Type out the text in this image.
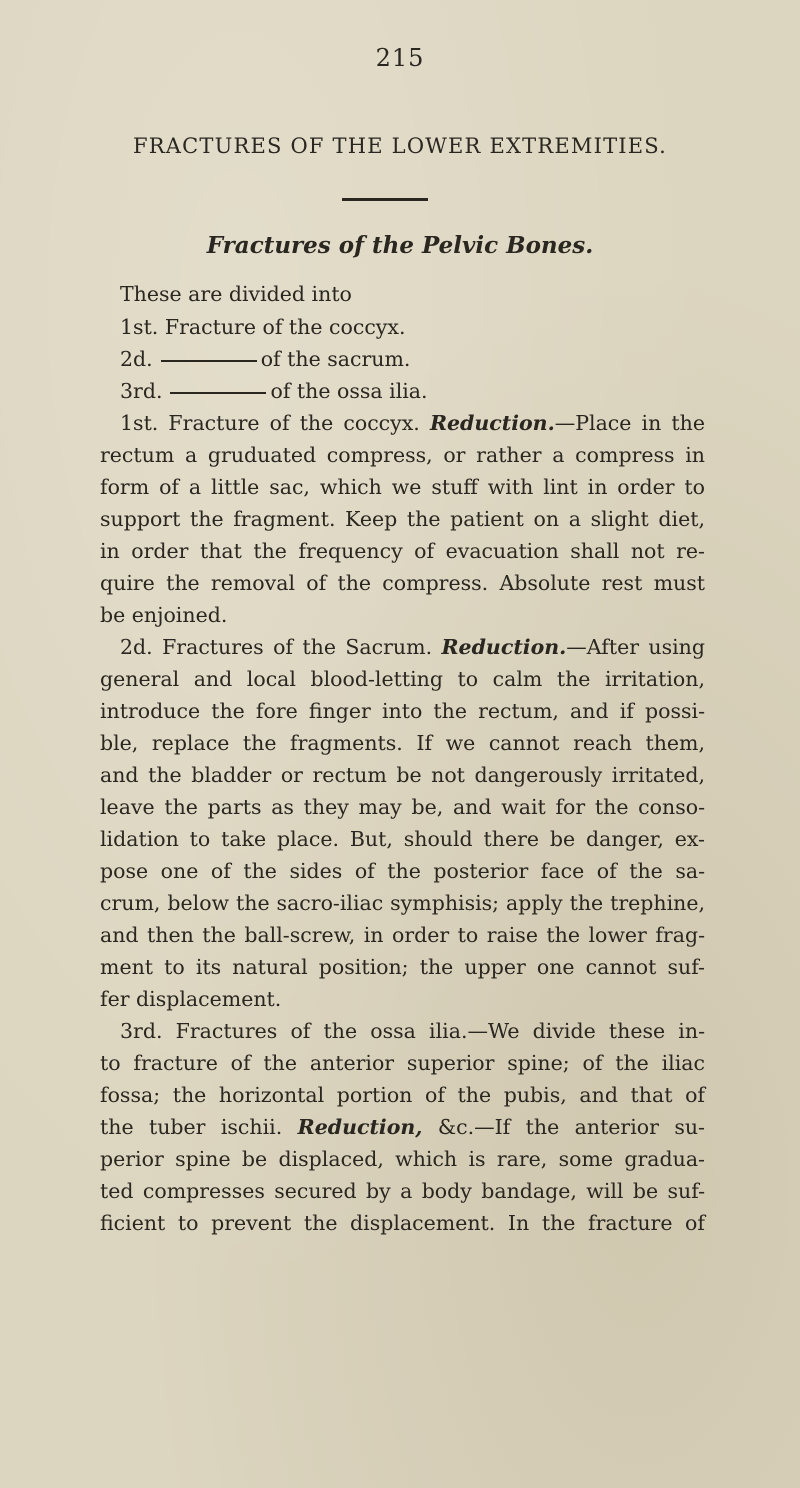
215
FRACTURES OF THE LOWER EXTREMITIES.
Fractures of the Pelvic Bones.
These are divided into
1st. Fracture of the coccyx.
2d.	of the sacrum.
3rd.	of the ossa ilia.
1st. Fracture of the coccyx. Reduction.—Place in the
rectum a gruduated compress, or rather a compress in
form of a little sac, which we stuff with lint in order to
support the fragment. Keep the patient on a slight diet,
in order that the frequency of evacuation shall not re-
quire the removal of the compress. Absolute rest must
be enjoined.
2d. Fractures of the Sacrum. Reduction.—After using
general and local blood-letting to calm the irritation,
introduce the fore finger into the rectum, and if possi-
ble, replace the fragments. If we cannot reach them,
and the bladder or rectum be not dangerously irritated,
leave the parts as they may be, and wait for the conso-
lidation to take place. But, should there be danger, ex-
pose one of the sides of the posterior face of the sa-
crum, below the sacro-iliac symphisis; apply the trephine,
and then the ball-screw, in order to raise the lower frag-
ment to its natural position; the upper one cannot suf-
fer displacement.
3rd. Fractures of the ossa ilia.—We divide these in-
to fracture of the anterior superior spine; of the iliac
fossa; the horizontal portion of the pubis, and that of
the tuber ischii. Reduction, &c.—If the anterior su-
perior spine be displaced, which is rare, some gradua-
ted compresses secured by a body bandage, will be suf-
ficient to prevent the displacement. In the fracture of
